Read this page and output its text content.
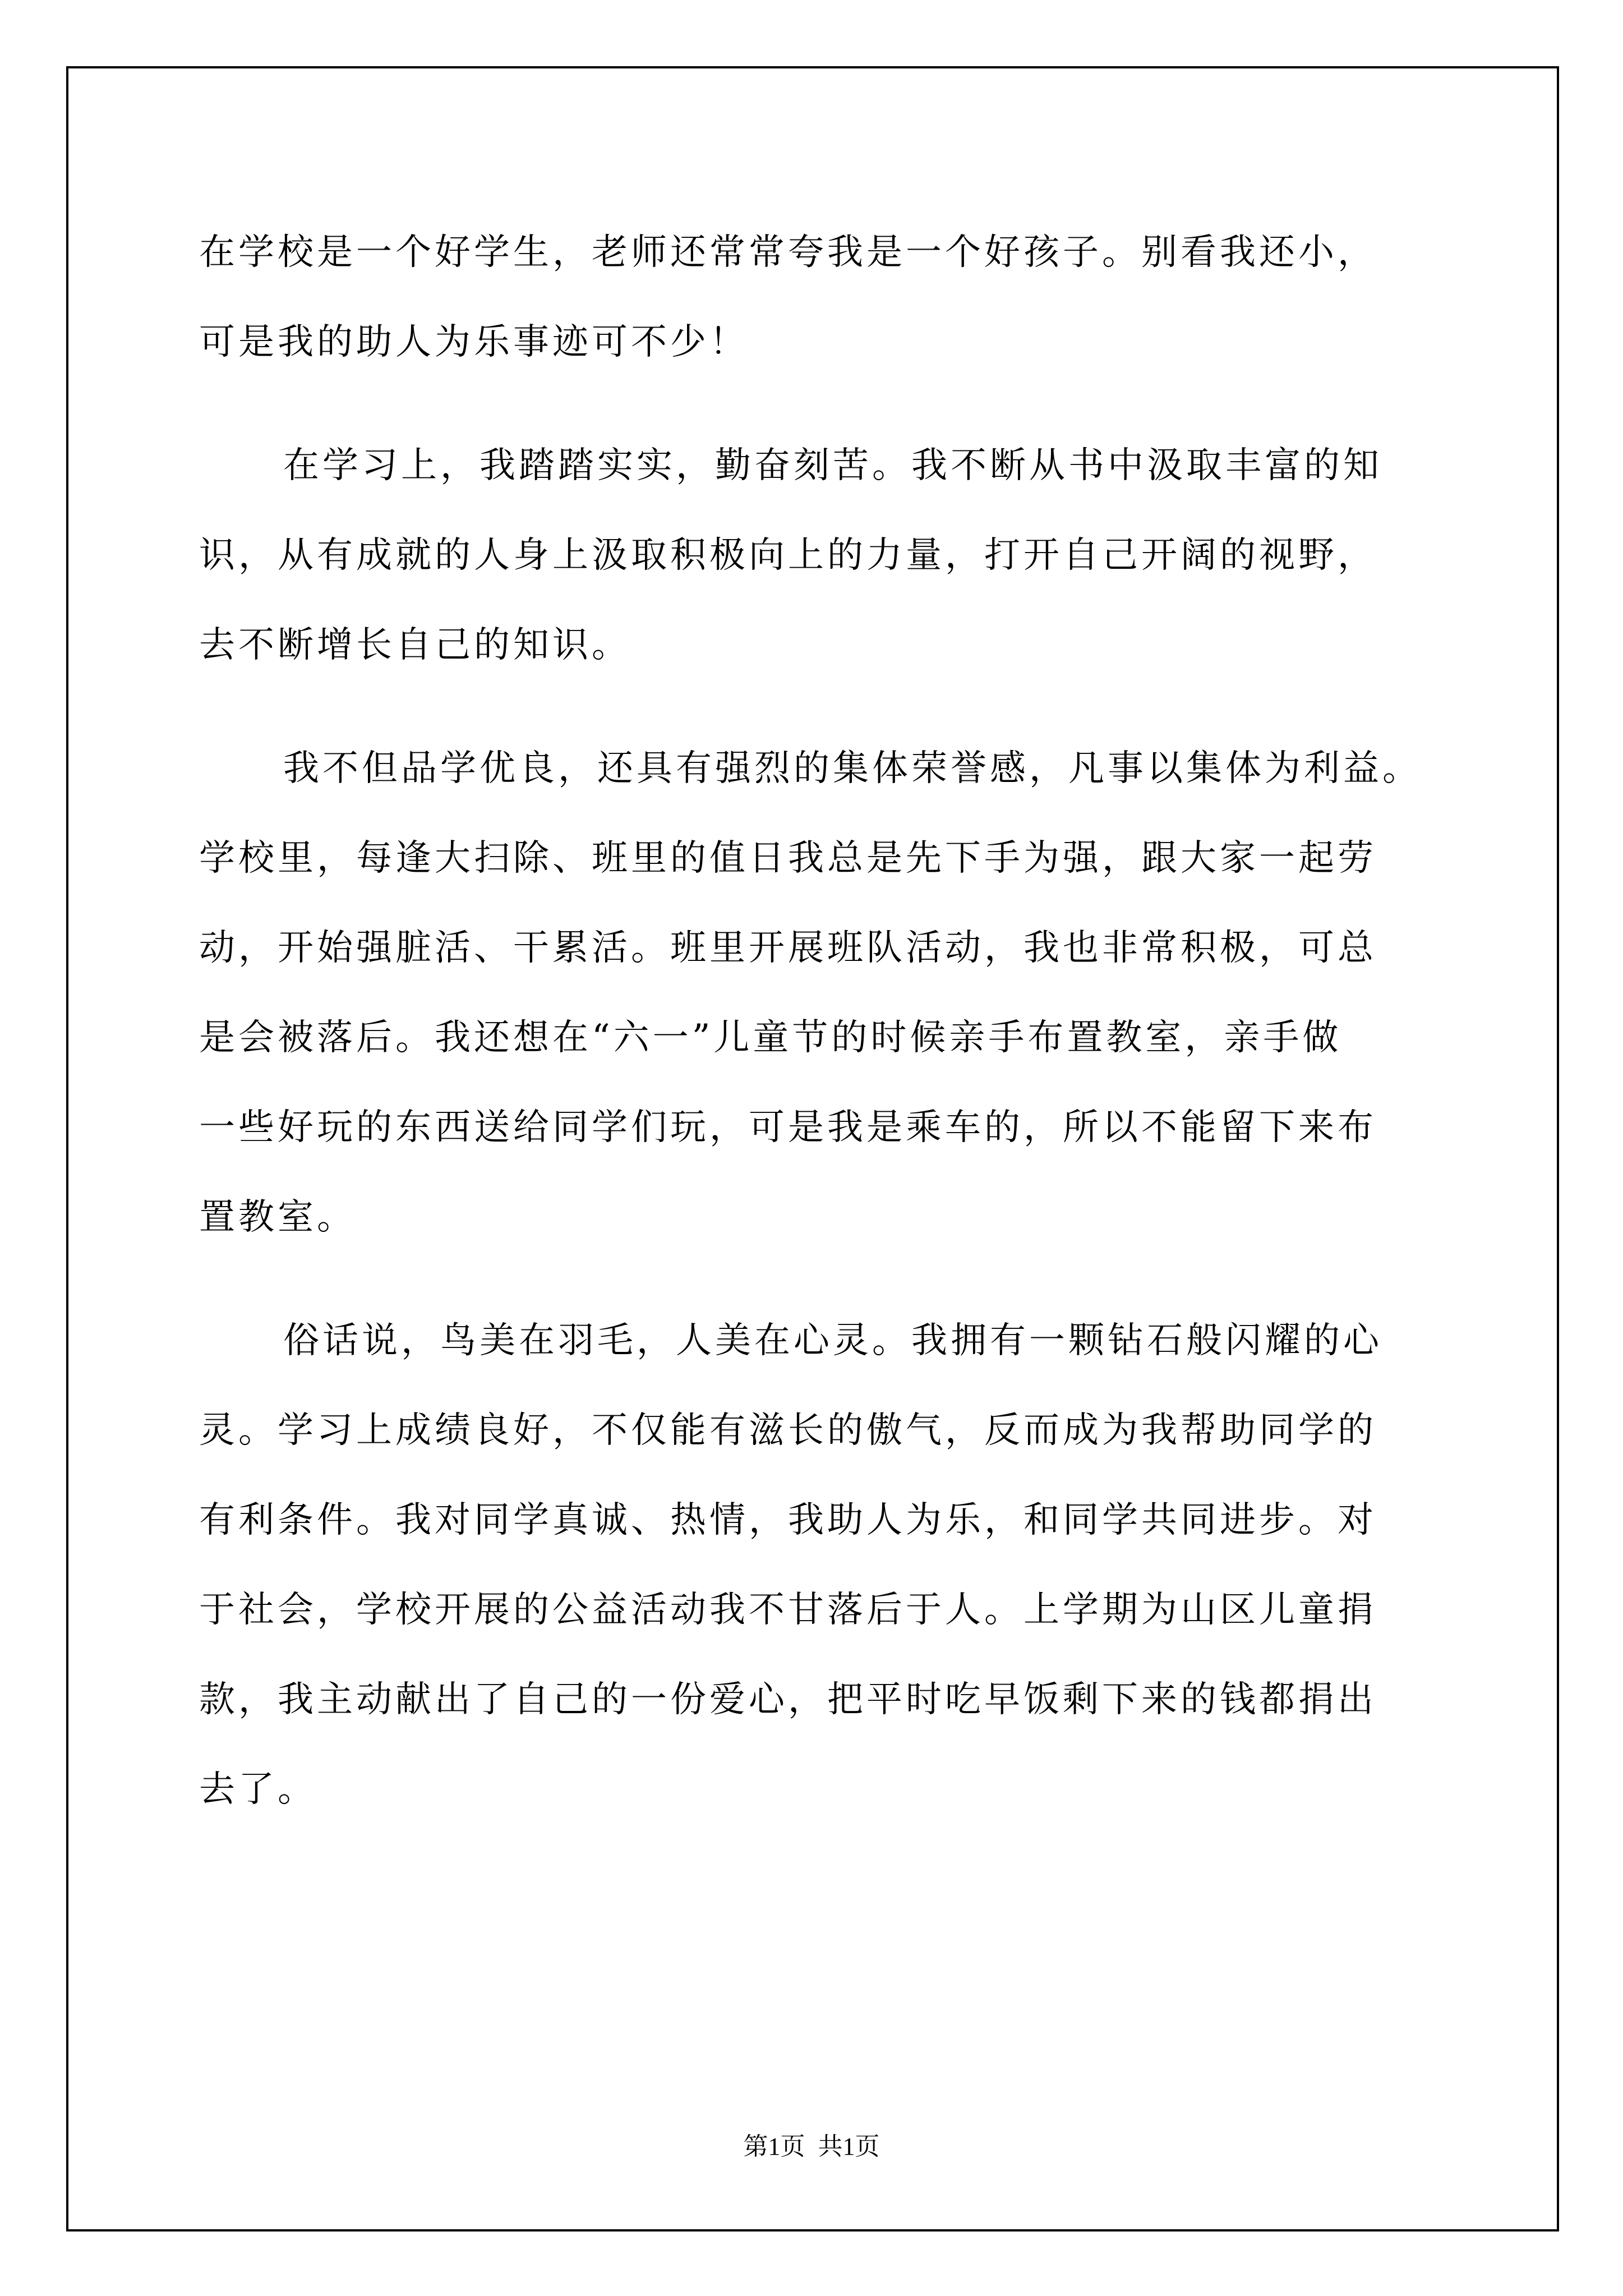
在学校是一个好学生，老师还常常夸我是一个好孩子。别看我还小，
可是我的助人为乐事迹可不少！
在学习上，我踏踏实实，勤奋刻苦。我不断从书中汲取丰富的知
识，从有成就的人身上汲取积极向上的力量，打开自己开阔的视野，
去不断增长自己的知识。
我不但品学优良，还具有强烈的集体荣誉感，凡事以集体为利益。
学校里，每逢大扫除、班里的值日我总是先下手为强，跟大家一起劳
动，开始强脏活、干累活。班里开展班队活动，我也非常积极，可总
是会被落后。我还想在“六一”儿童节的时候亲手布置教室，亲手做
一些好玩的东西送给同学们玩，可是我是乘车的，所以不能留下来布
置教室。
俗话说，鸟美在羽毛，人美在心灵。我拥有一颗钻石般闪耀的心
灵。学习上成绩良好，不仅能有滋长的傲气，反而成为我帮助同学的
有利条件。我对同学真诚、热情，我助人为乐，和同学共同进步。对
于社会，学校开展的公益活动我不甘落后于人。上学期为山区儿童捐
款，我主动献出了自己的一份爱心，把平时吃早饭剩下来的钱都捐出
去了。
第1页 共1页
